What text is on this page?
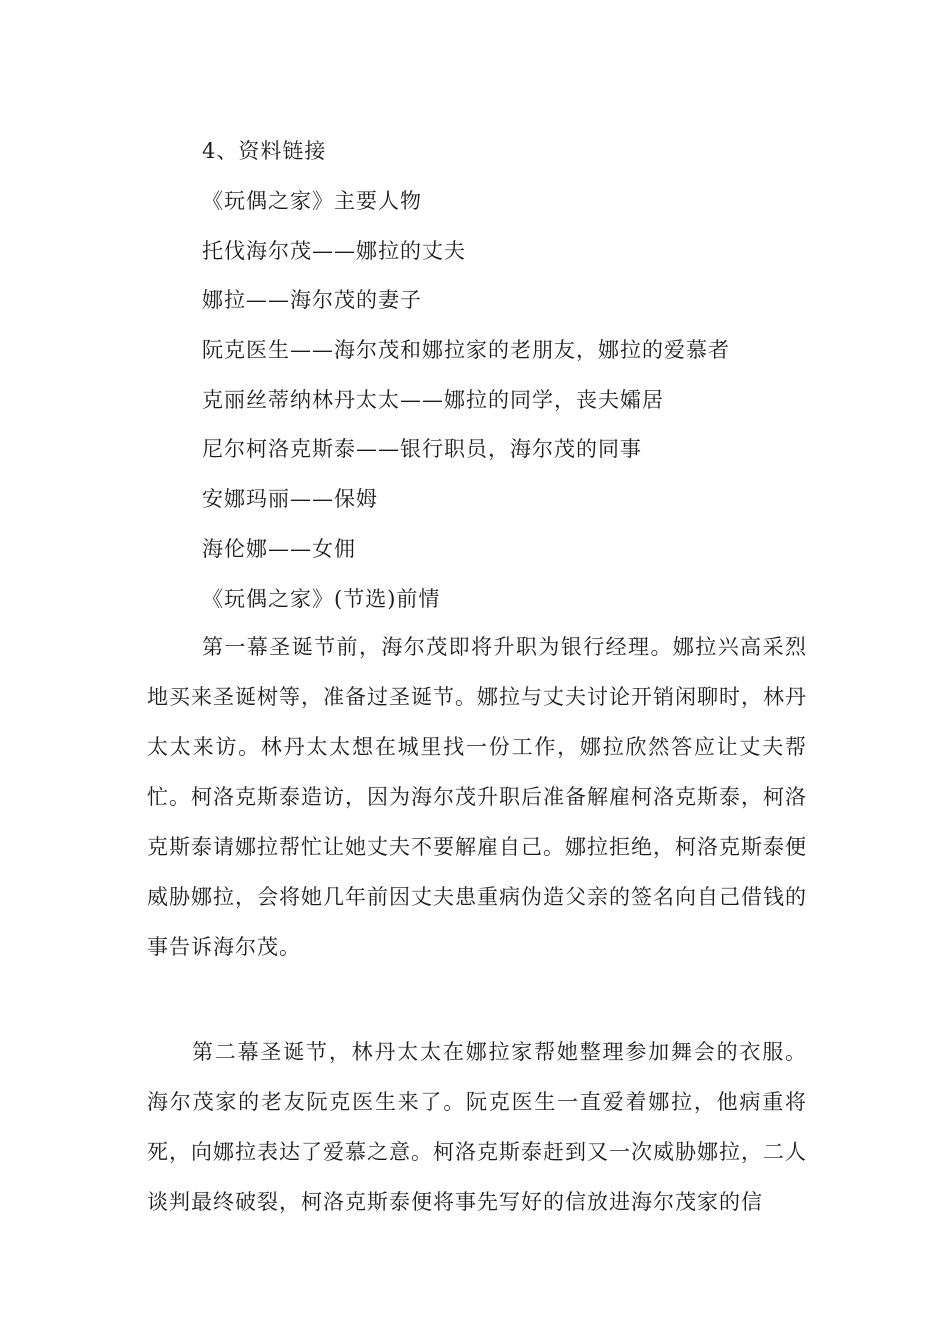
4、资料链接
《玩偶之家》主要人物
托伐海尔茂——娜拉的丈夫
娜拉——海尔茂的妻子
阮克医生——海尔茂和娜拉家的老朋友，娜拉的爱慕者
克丽丝蒂纳林丹太太——娜拉的同学，丧夫孀居
尼尔柯洛克斯泰——银行职员，海尔茂的同事
安娜玛丽——保姆
海伦娜——女佣
《玩偶之家》(节选)前情
第一幕圣诞节前，海尔茂即将升职为银行经理。娜拉兴高采烈地买来圣诞树等，准备过圣诞节。娜拉与丈夫讨论开销闲聊时，林丹太太来访。林丹太太想在城里找一份工作，娜拉欣然答应让丈夫帮忙。柯洛克斯泰造访，因为海尔茂升职后准备解雇柯洛克斯泰，柯洛克斯泰请娜拉帮忙让她丈夫不要解雇自己。娜拉拒绝，柯洛克斯泰便威胁娜拉，会将她几年前因丈夫患重病伪造父亲的签名向自己借钱的事告诉海尔茂。
第二幕圣诞节，林丹太太在娜拉家帮她整理参加舞会的衣服。海尔茂家的老友阮克医生来了。阮克医生一直爱着娜拉，他病重将死，向娜拉表达了爱慕之意。柯洛克斯泰赶到又一次威胁娜拉，二人谈判最终破裂，柯洛克斯泰便将事先写好的信放进海尔茂家的信
